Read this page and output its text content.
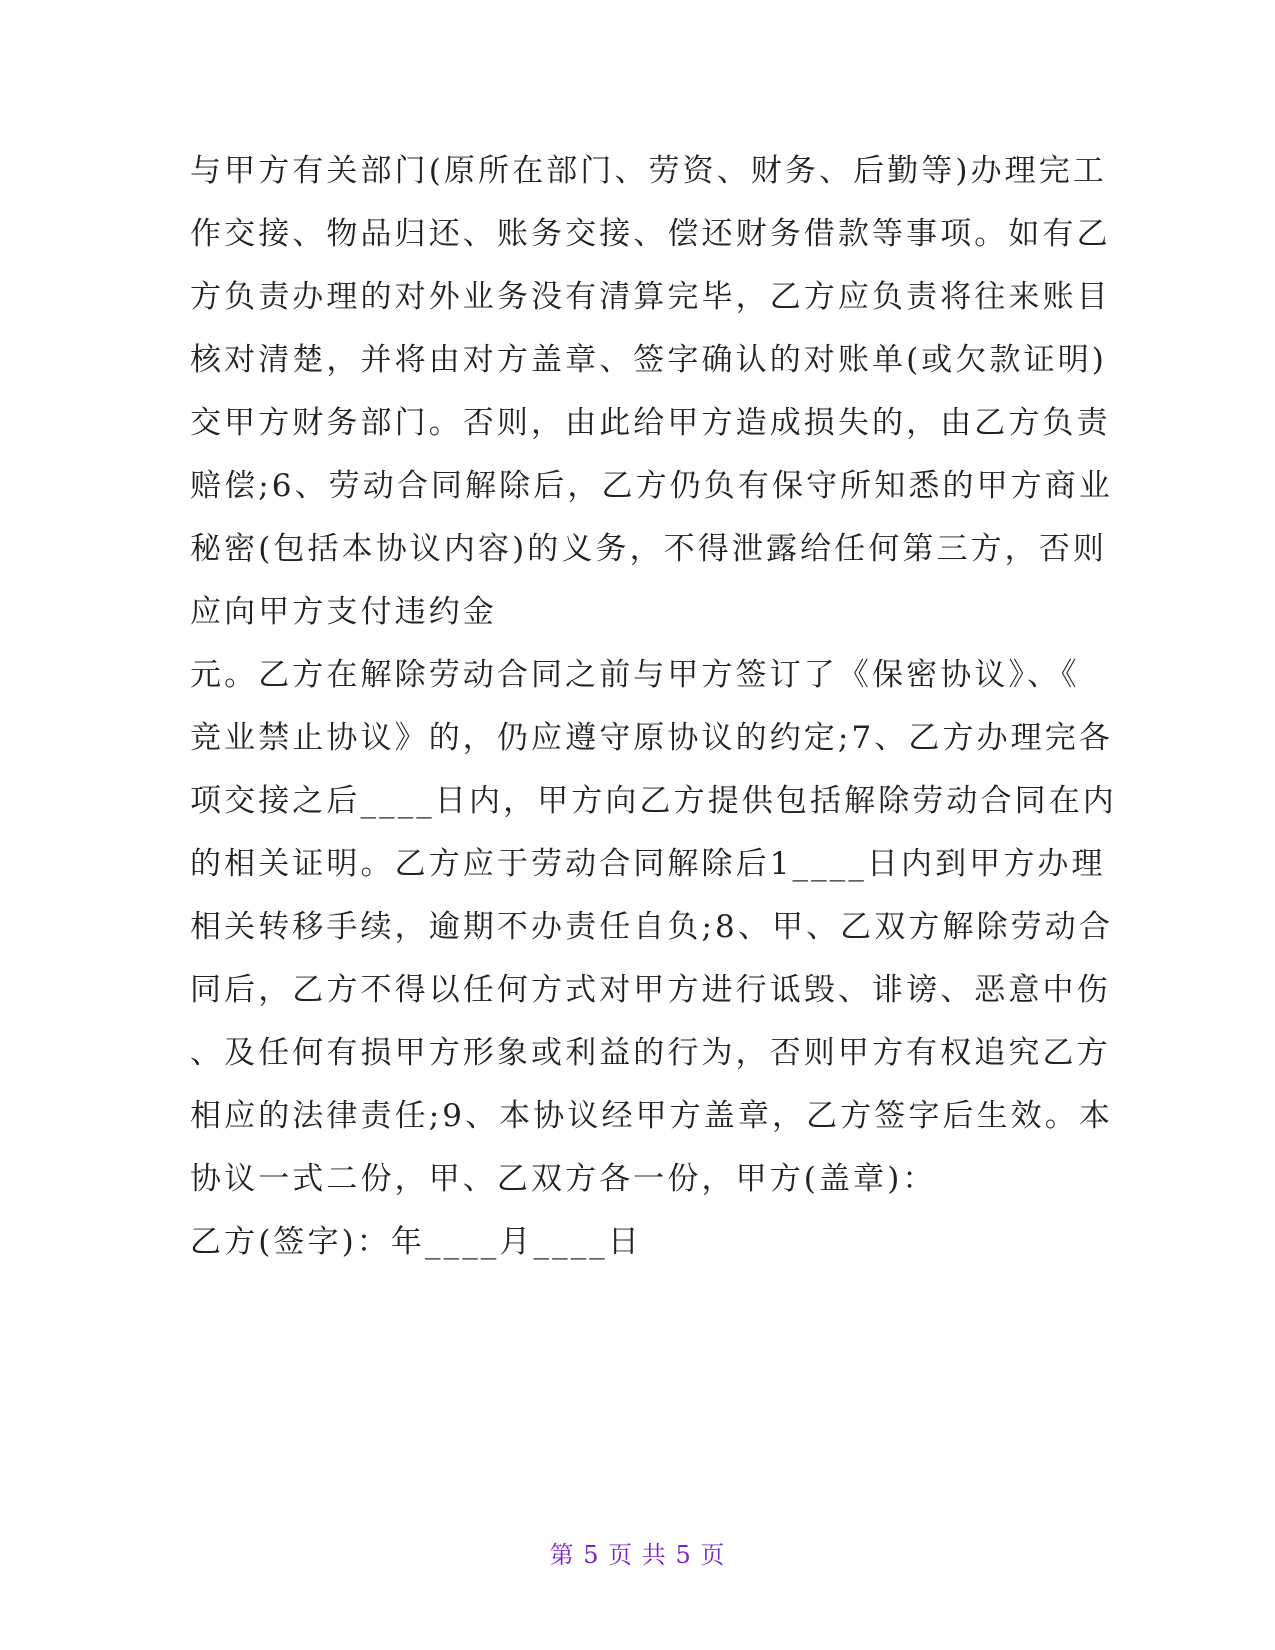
与甲方有关部门(原所在部门、劳资、财务、后勤等)办理完工
作交接、物品归还、账务交接、偿还财务借款等事项。如有乙
方负责办理的对外业务没有清算完毕，乙方应负责将往来账目
核对清楚，并将由对方盖章、签字确认的对账单(或欠款证明)
交甲方财务部门。否则，由此给甲方造成损失的，由乙方负责
赔偿;6、劳动合同解除后，乙方仍负有保守所知悉的甲方商业
秘密(包括本协议内容)的义务，不得泄露给任何第三方，否则
应向甲方支付违约金
元。乙方在解除劳动合同之前与甲方签订了《保密协议》、《
竞业禁止协议》的，仍应遵守原协议的约定;7、乙方办理完各
项交接之后____日内，甲方向乙方提供包括解除劳动合同在内
的相关证明。乙方应于劳动合同解除后1____日内到甲方办理
相关转移手续，逾期不办责任自负;8、甲、乙双方解除劳动合
同后，乙方不得以任何方式对甲方进行诋毁、诽谤、恶意中伤
、及任何有损甲方形象或利益的行为，否则甲方有权追究乙方
相应的法律责任;9、本协议经甲方盖章，乙方签字后生效。本
协议一式二份，甲、乙双方各一份，甲方(盖章)：
乙方(签字)：年____月____日
第 5 页 共 5 页
